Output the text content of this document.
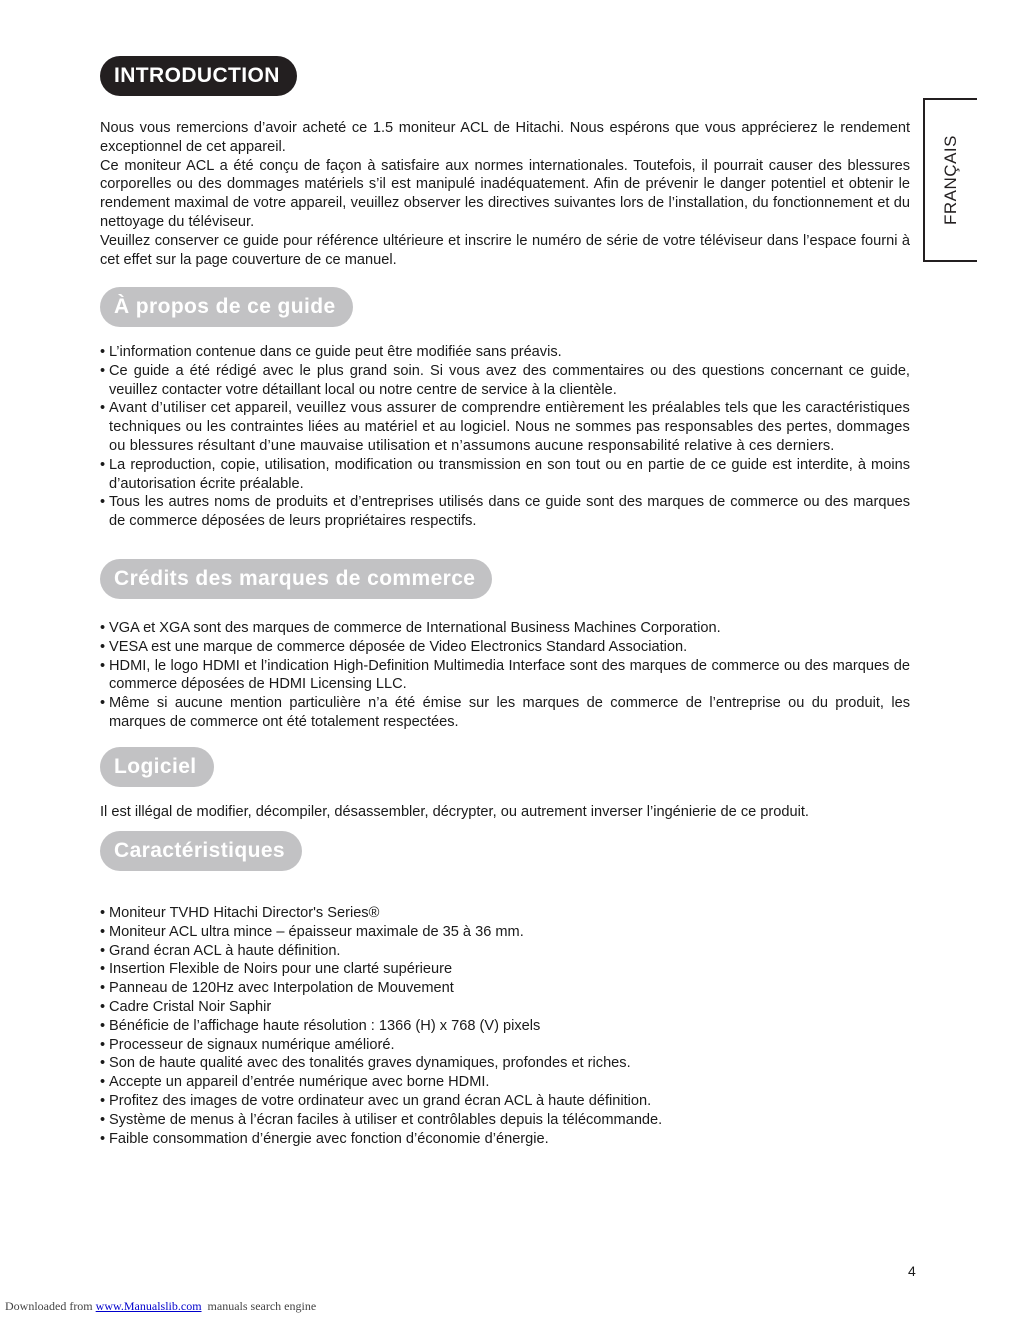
FRANÇAIS
INTRODUCTION

Nous vous remercions d’avoir acheté ce 1.5 moniteur ACL de Hitachi. Nous espérons que vous apprécierez le rendement exceptionnel de cet appareil.

Ce moniteur ACL a été conçu de façon à satisfaire aux normes internationales. Toutefois, il pourrait causer des blessures corporelles ou des dommages matériels s’il est manipulé inadéquatement. Afin de prévenir le danger potentiel et obtenir le rendement maximal de votre appareil, veuillez observer les directives suivantes lors de l’installation, du fonctionnement et du nettoyage du téléviseur.

Veuillez conserver ce guide pour référence ultérieure et inscrire le numéro de série de votre téléviseur dans l’espace fourni à cet effet sur la page couverture de ce manuel.

À propos de ce guide
• L’information contenue dans ce guide peut être modifiée sans préavis.
• Ce guide a été rédigé avec le plus grand soin. Si vous avez des commentaires ou des questions concernant ce guide, veuillez contacter votre détaillant local ou notre centre de service à la clientèle.
• Avant d’utiliser cet appareil, veuillez vous assurer de comprendre entièrement les préalables tels que les caractéristiques techniques ou les contraintes liées au matériel et au logiciel. Nous ne sommes pas responsables des pertes, dommages ou blessures résultant d’une mauvaise utilisation et n’assumons aucune responsabilité relative à ces derniers.
• La reproduction, copie, utilisation, modification ou transmission en son tout ou en partie de ce guide est interdite, à moins d’autorisation écrite préalable.
• Tous les autres noms de produits et d’entreprises utilisés dans ce guide sont des marques de commerce ou des marques de commerce déposées de leurs propriétaires respectifs.
Crédits des marques de commerce
• VGA et XGA sont des marques de commerce de International Business Machines Corporation.
• VESA est une marque de commerce déposée de Video Electronics Standard Association.
• HDMI, le logo HDMI et l’indication High-Definition Multimedia Interface sont des marques de commerce ou des marques de commerce déposées de HDMI Licensing LLC.
• Même si aucune mention particulière n’a été émise sur les marques de commerce de l’entreprise ou du produit, les marques de commerce ont été totalement respectées.
Logiciel
Il est illégal de modifier, décompiler, désassembler, décrypter, ou autrement inverser l’ingénierie de ce produit.
Caractéristiques
• Moniteur TVHD Hitachi Director's Series®
• Moniteur ACL ultra mince – épaisseur maximale de 35 à 36 mm.
• Grand écran ACL à haute définition.
• Insertion Flexible de Noirs pour une clarté supérieure
• Panneau de 120Hz avec Interpolation de Mouvement
• Cadre Cristal Noir Saphir
• Bénéficie de l’affichage haute résolution : 1366 (H) x 768 (V) pixels
• Processeur de signaux numérique amélioré.
• Son de haute qualité avec des tonalités graves dynamiques, profondes et riches.
• Accepte un appareil d’entrée numérique avec borne HDMI.
• Profitez des images de votre ordinateur avec un grand écran ACL à haute définition.
• Système de menus à l’écran faciles à utiliser et contrôlables depuis la télécommande.
• Faible consommation d’énergie avec fonction d’économie d’énergie.
4
Downloaded from www.Manualslib.com  manuals search engine
